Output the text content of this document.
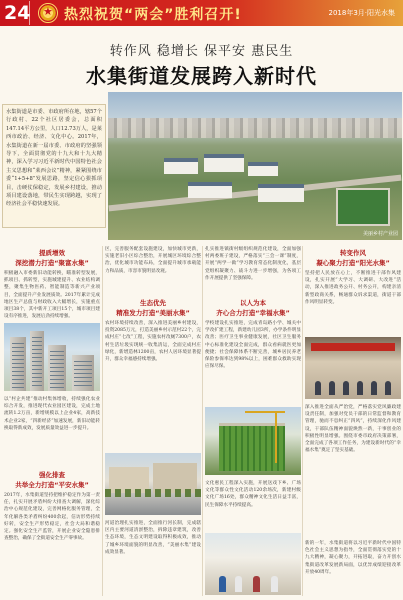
24
★ 热烈祝贺“两会”胜利召开!	2018年3月·阳光水集
转作风 稳增长 保平安 惠民生
水集街道发展跨入新时代

水集街道是市委、市政府所在地，辖57个行政村、22个社区居委会，总面积147.14平方公里，人口12.73万人，是莱西市政治、经济、文化中心。2017年，水集街道在新一届市委、市政府的坚强领导下，全面贯彻党的十九大和十九大精神，深入学习习近平新时代中国特色社会主义思想和“莱西会议”精神，紧紧围绕市委“1+5+8”发展思路，坚定信心狠抓项目，击硬仗保稳定，发展乡村建设，推动项目建设落地，带民生实现跨越，实现了经济社会平稳快速发展。

美丽乡村产业园
提质增效
深挖潜力打造“聚富水集”

积极融入市委新旧动能转换，瞄准转型发展，抓项目、抓转型，实施城建提升、农业结构调整，聚集生物医药、智能制造等新兴产业项目，全面提升产业发展质效。2017年累计完成地区生产总值与财政收入大幅增长，实施重点项目38个，其中新开工项目15个，城市项目建设有序推进，发展后劲持续增强。

以“村企共建”推动村集体增收，持续强化农业综合开发，推进现代农业园区建设，完成土地流转1.2万亩，新增规模以上企业4家，高新技术企业2家，“四新经济”加速发展，新旧动能转换取得新成效，发展质量效益进一步提升。

强化排查
共举全力打造“平安水集”

2017年，水集街道坚持把维护稳定作为第一责任，扎实开展矛盾纠纷大排查大调解，深化综治中心规范化建设，完善网格化服务管理，全年化解各类矛盾纠纷400余起，信访形势持续好转，安全生产形势稳定，社会大局和谐稳定。强化安全生产监管，开展企业安全隐患排查整治，确保了全街道安全生产零事故。

区，完善服务配套设施建设，加快城市更新，实施老旧小区综合整治，开展城区环境综合整治，优化城市功能布局，全面提升城市承载能力和品质，市容市貌明显改观。

生态优先
精准发力打造“美丽水集”

农村环境持续改善，深入推进美丽乡村建设，投资2085万元，打造美丽乡村示范村22个，完成村庄“七改”工程，实施农村改厕7300户，农村生活垃圾实现统一收集清运，全面完成村庄绿化，新增造林1200亩，农村人居环境显著提升，群众幸福感持续增强。

河道治理扎实推进，全面推行河长制，完成辖区内主要河道清淤整治，拆除违章建筑，改善生态环境，生态文明建设取得积极成效，推动了城乡环境面貌的明显改善，“美丽水集”建设成效显著。

扎实推进镇街村级组织规范化建设，全面加强村两委班子建设，严格落实“三会一课”制度，开展“两学一做”学习教育常态化制度化，基层党组织凝聚力、战斗力进一步增强，为各项工作开展提供了坚强保障。

以人为本
齐心合力打造“幸福水集”

学校建设扎实推进，完成青岛路小学、城关中学改扩建工程，新建幼儿园3所，办学条件明显改善；医疗卫生事业健康发展，社区卫生服务中心标准化建设全面完成，群众看病就医更加便捷；社会保障体系不断完善，城乡居民养老保险参保率达到98%以上，困难群众救助实现应保尽保。

文化惠民工程深入实施，开展送戏下乡、广场文化等群众性文化活动120余场次，新建村级文化广场16处，群众精神文化生活日益丰富，民生保障水平持续提高。

转变作风
凝心聚力打造“阳光水集”

坚持把人民放在心上，不断推进干部作风建设，扎实开展“大学习、大调研、大改进”活动，深入推进政务公开、村务公开，构建亲清新型政商关系，畅通群众诉求渠道，街道干部作风明显转变。

深入推进全面从严治党，严格落实党风廉政建设责任制，加强对党员干部的日常监督和教育管理，驰而不息纠正“四风”，持续深化作风建设，干部队伍精神面貌焕然一新，干事创业的积极性明显增强。围绕市委市政府决策部署，全面完成了各项工作任务，为建设新时代的“幸福水集”奠定了坚实基础。

新的一年，水集街道将以习近平新时代中国特色社会主义思想为指导，全面贯彻落实党的十九大精神，凝心聚力，开拓进取，奋力开创水集街道改革发展新局面，以优异成绩迎接改革开放40周年。
